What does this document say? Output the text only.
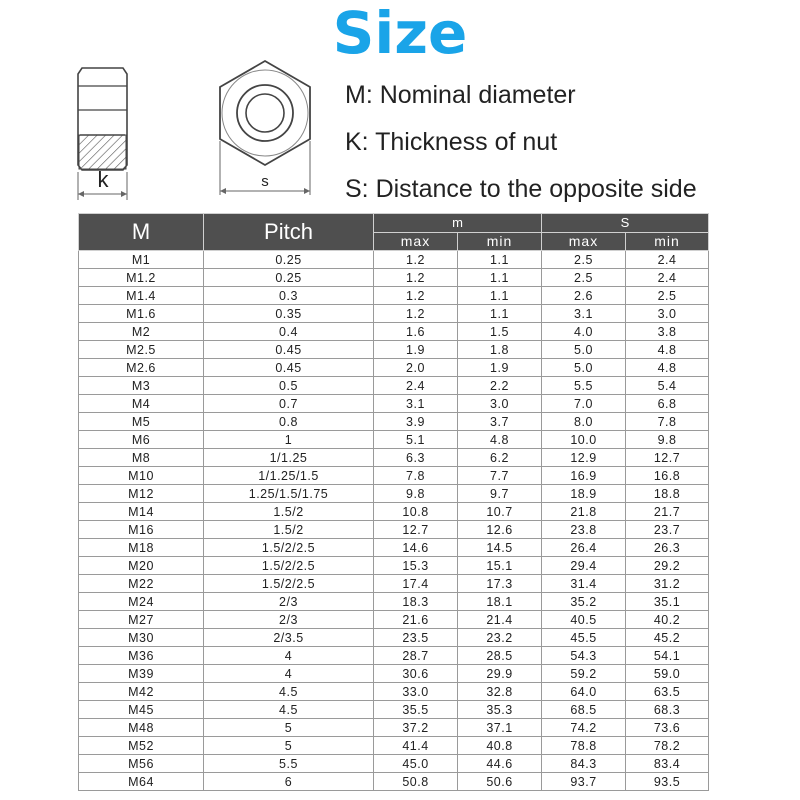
Size
k	s
M: Nominal diameter
K: Thickness of nut
S: Distance to the opposite side
M	Pitch	m		S	
		max	min	max	min
M1	0.25	1.2	1.1	2.5	2.4
M1.2	0.25	1.2	1.1	2.5	2.4
M1.4	0.3	1.2	1.1	2.6	2.5
M1.6	0.35	1.2	1.1	3.1	3.0
M2	0.4	1.6	1.5	4.0	3.8
M2.5	0.45	1.9	1.8	5.0	4.8
M2.6	0.45	2.0	1.9	5.0	4.8
M3	0.5	2.4	2.2	5.5	5.4
M4	0.7	3.1	3.0	7.0	6.8
M5	0.8	3.9	3.7	8.0	7.8
M6	1	5.1	4.8	10.0	9.8
M8	1/1.25	6.3	6.2	12.9	12.7
M10	1/1.25/1.5	7.8	7.7	16.9	16.8
M12	1.25/1.5/1.75	9.8	9.7	18.9	18.8
M14	1.5/2	10.8	10.7	21.8	21.7
M16	1.5/2	12.7	12.6	23.8	23.7
M18	1.5/2/2.5	14.6	14.5	26.4	26.3
M20	1.5/2/2.5	15.3	15.1	29.4	29.2
M22	1.5/2/2.5	17.4	17.3	31.4	31.2
M24	2/3	18.3	18.1	35.2	35.1
M27	2/3	21.6	21.4	40.5	40.2
M30	2/3.5	23.5	23.2	45.5	45.2
M36	4	28.7	28.5	54.3	54.1
M39	4	30.6	29.9	59.2	59.0
M42	4.5	33.0	32.8	64.0	63.5
M45	4.5	35.5	35.3	68.5	68.3
M48	5	37.2	37.1	74.2	73.6
M52	5	41.4	40.8	78.8	78.2
M56	5.5	45.0	44.6	84.3	83.4
M64	6	50.8	50.6	93.7	93.5
